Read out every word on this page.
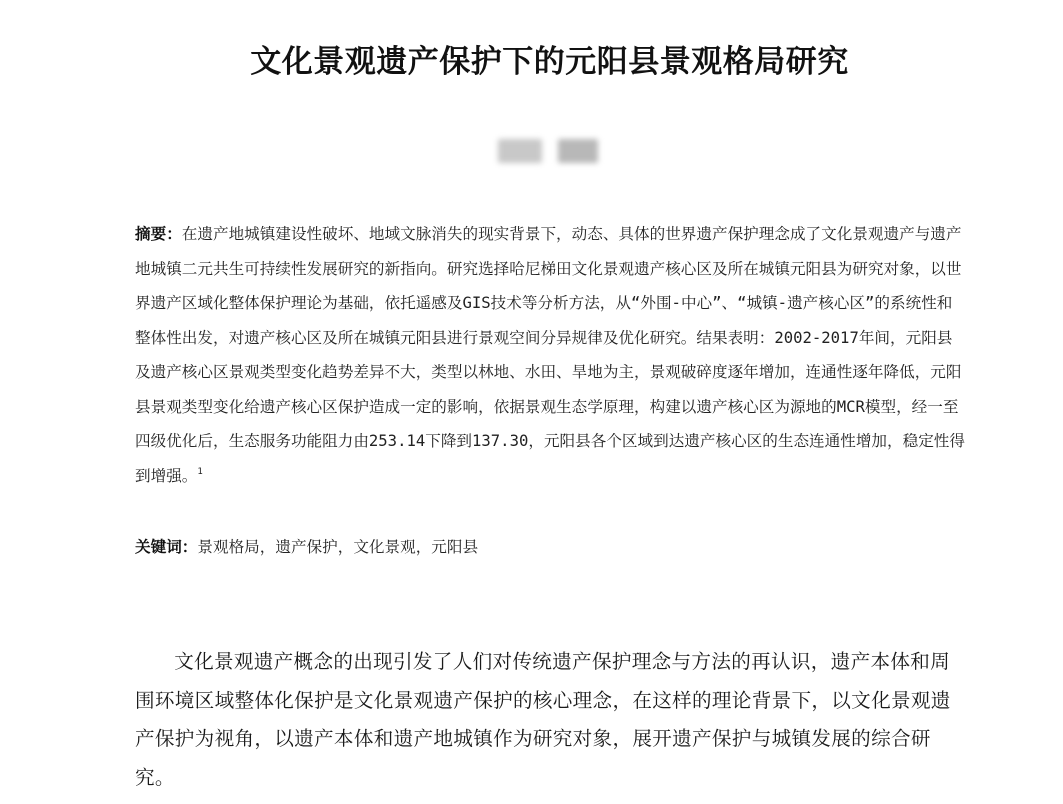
文化景观遗产保护下的元阳县景观格局研究
摘要：在遗产地城镇建设性破坏、地域文脉消失的现实背景下，动态、具体的世界遗产保护理念成了文化景观遗产与遗产地城镇二元共生可持续性发展研究的新指向。研究选择哈尼梯田文化景观遗产核心区及所在城镇元阳县为研究对象，以世界遗产区域化整体保护理论为基础，依托遥感及GIS技术等分析方法，从“外围-中心”、“城镇-遗产核心区”的系统性和整体性出发，对遗产核心区及所在城镇元阳县进行景观空间分异规律及优化研究。结果表明：2002-2017年间，元阳县及遗产核心区景观类型变化趋势差异不大，类型以林地、水田、旱地为主，景观破碎度逐年增加，连通性逐年降低，元阳县景观类型变化给遗产核心区保护造成一定的影响，依据景观生态学原理，构建以遗产核心区为源地的MCR模型，经一至四级优化后，生态服务功能阻力由253.14下降到137.30，元阳县各个区域到达遗产核心区的生态连通性增加，稳定性得到增强。$^1$
关键词：景观格局，遗产保护，文化景观，元阳县
文化景观遗产概念的出现引发了人们对传统遗产保护理念与方法的再认识，遗产本体和周围环境区域整体化保护是文化景观遗产保护的核心理念，在这样的理论背景下，以文化景观遗产保护为视角，以遗产本体和遗产地城镇作为研究对象，展开遗产保护与城镇发展的综合研究。
